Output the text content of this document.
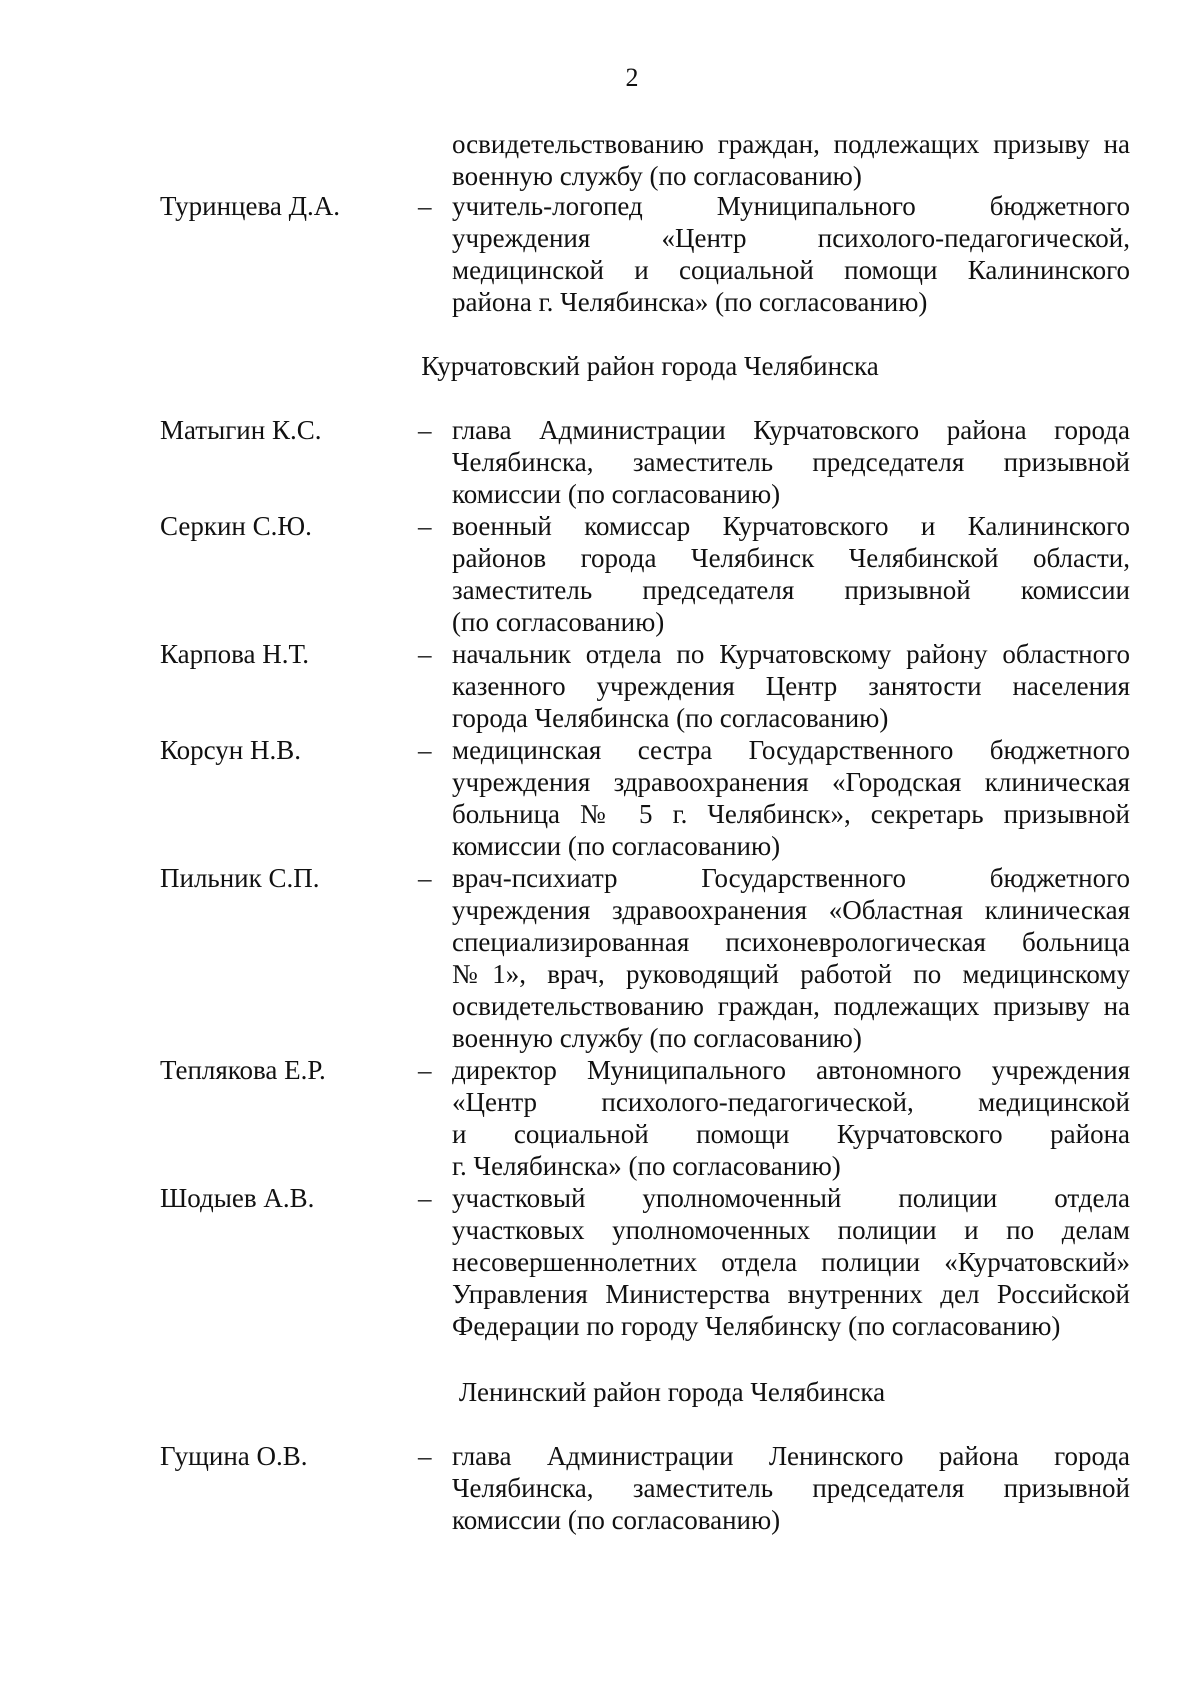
2
освидетельствованию граждан, подлежащих призыву на
военную службу (по согласованию)
Туринцева Д.А.	– учитель-логопед Муниципального бюджетного
учреждения «Центр психолого-педагогической,
медицинской и социальной помощи Калининского
района г. Челябинска» (по согласованию)
Курчатовский район города Челябинска
Матыгин К.С.	– глава Администрации Курчатовского района города
Челябинска, заместитель председателя призывной
комиссии (по согласованию)
Серкин С.Ю.	– военный комиссар Курчатовского и Калининского
районов города Челябинск Челябинской области,
заместитель председателя призывной комиссии
(по согласованию)
Карпова Н.Т.	– начальник отдела по Курчатовскому району областного
казенного учреждения Центр занятости населения
города Челябинска (по согласованию)
Корсун Н.В.	– медицинская сестра Государственного бюджетного
учреждения здравоохранения «Городская клиническая
больница № 5 г. Челябинск», секретарь призывной
комиссии (по согласованию)
Пильник С.П.	– врач-психиатр Государственного бюджетного
учреждения здравоохранения «Областная клиническая
специализированная психоневрологическая больница
№1», врач, руководящий работой по медицинскому
освидетельствованию граждан, подлежащих призыву на
военную службу (по согласованию)
Теплякова Е.Р.	– директор Муниципального автономного учреждения
«Центр психолого-педагогической, медицинской
и социальной помощи Курчатовского района
г. Челябинска» (по согласованию)
Шодыев А.В.	– участковый уполномоченный полиции отдела
участковых уполномоченных полиции и по делам
несовершеннолетних отдела полиции «Курчатовский»
Управления Министерства внутренних дел Российской
Федерации по городу Челябинску (по согласованию)
Ленинский район города Челябинска
Гущина О.В.	– глава Администрации Ленинского района города
Челябинска, заместитель председателя призывной
комиссии (по согласованию)
